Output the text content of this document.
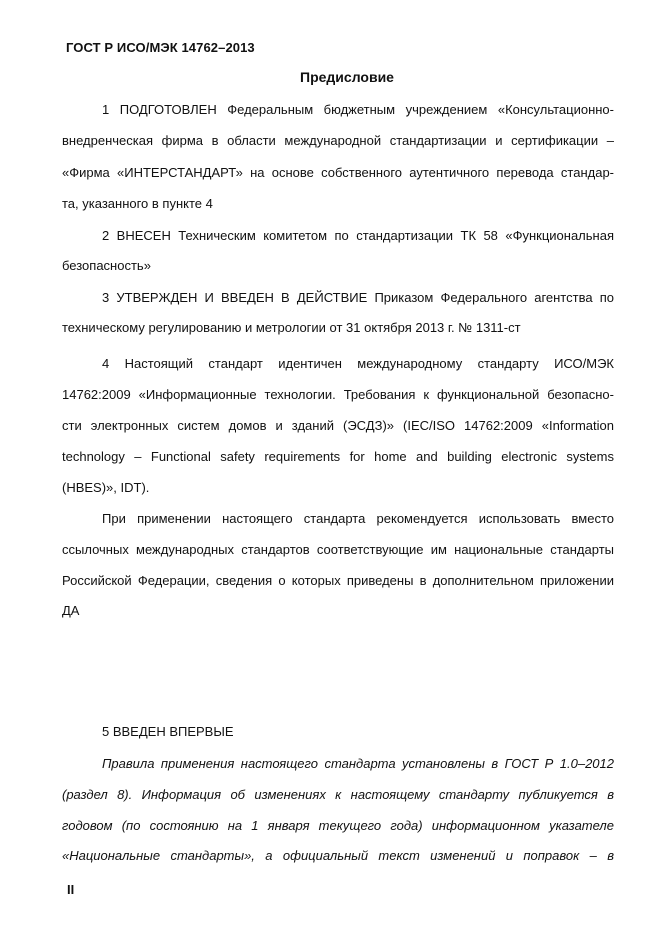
ГОСТ Р ИСО/МЭК 14762–2013
Предисловие
1 ПОДГОТОВЛЕН Федеральным бюджетным учреждением «Консультационно-
внедренческая фирма в области международной стандартизации и сертификации –
«Фирма «ИНТЕРСТАНДАРТ» на основе собственного аутентичного перевода стандар-
та, указанного в пункте 4
2 ВНЕСЕН Техническим комитетом по стандартизации ТК 58 «Функциональная
безопасность»
3 УТВЕРЖДЕН И ВВЕДЕН В ДЕЙСТВИЕ Приказом Федерального агентства по
техническому регулированию и метрологии от 31 октября 2013 г. № 1311-ст
4 Настоящий стандарт идентичен международному стандарту ИСО/МЭК
14762:2009 «Информационные технологии. Требования к функциональной безопасно-
сти электронных систем домов и зданий (ЭСДЗ)» (IEC/ISO 14762:2009 «Information
technology – Functional safety requirements for home and building electronic systems
(HBES)», IDT).
При применении настоящего стандарта рекомендуется использовать вместо
ссылочных международных стандартов соответствующие им национальные стандарты
Российской Федерации, сведения о которых приведены в дополнительном приложении
ДА
5 ВВЕДЕН ВПЕРВЫЕ
Правила применения настоящего стандарта установлены в ГОСТ Р 1.0–2012
(раздел 8). Информация об изменениях к настоящему стандарту публикуется в
годовом (по состоянию на 1 января текущего года) информационном указателе
«Национальные стандарты», а официальный текст изменений и поправок – в
II
